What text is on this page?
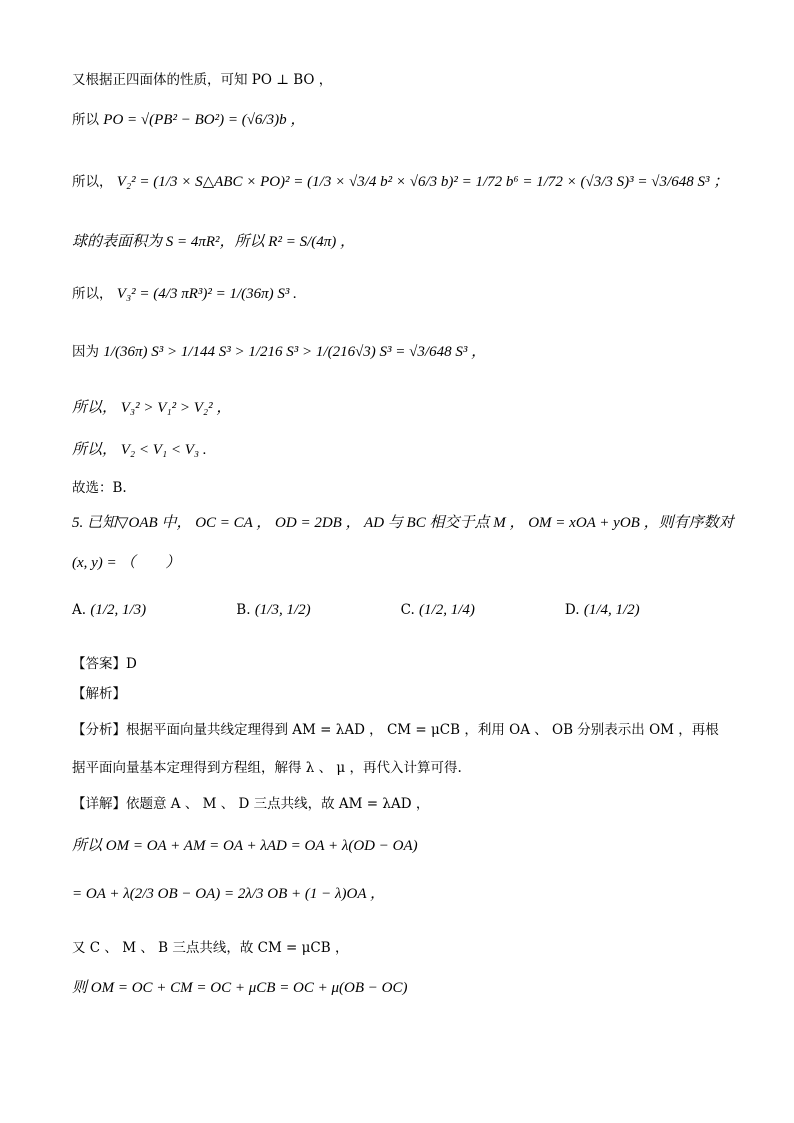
又根据正四面体的性质，可知 PO ⊥ BO ，
所以 PO = √(PB² − BO²) = (√6/3)b ，
所以， V₂² = (1/3 × S△ABC × PO)² = (1/3 × √3/4 b² × √6/3 b)² = 1/72 b⁶ = 1/72 × (√3/3 S)³ = √3/648 S³ ；
球的表面积为 S = 4πR²，所以 R² = S/(4π) ，
所以， V₃² = (4/3 πR³)² = 1/(36π) S³ .
因为 1/(36π) S³ > 1/144 S³ > 1/216 S³ > 1/(216√3) S³ = √3/648 S³ ，
所以， V₃² > V₁² > V₂² ，
所以， V₂ < V₁ < V₃ .
故选：B.
5. 已知▽OAB 中， OC = CA ， OD = 2DB ， AD 与 BC 相交于点 M ， OM = xOA + yOB ，则有序数对
(x, y) = （　　）
A. (1/2, 1/3)	B. (1/3, 1/2)	C. (1/2, 1/4)	D. (1/4, 1/2)
【答案】D
【解析】
【分析】根据平面向量共线定理得到 AM = λAD ， CM = μCB ，利用 OA 、 OB 分别表示出 OM ，再根
据平面向量基本定理得到方程组，解得 λ 、 μ ，再代入计算可得.
【详解】依题意 A 、 M 、 D 三点共线，故 AM = λAD ，
所以 OM = OA + AM = OA + λAD = OA + λ(OD − OA)
= OA + λ(2/3 OB − OA) = 2λ/3 OB + (1 − λ)OA ，
又 C 、 M 、 B 三点共线，故 CM = μCB ，
则 OM = OC + CM = OC + μCB = OC + μ(OB − OC)
